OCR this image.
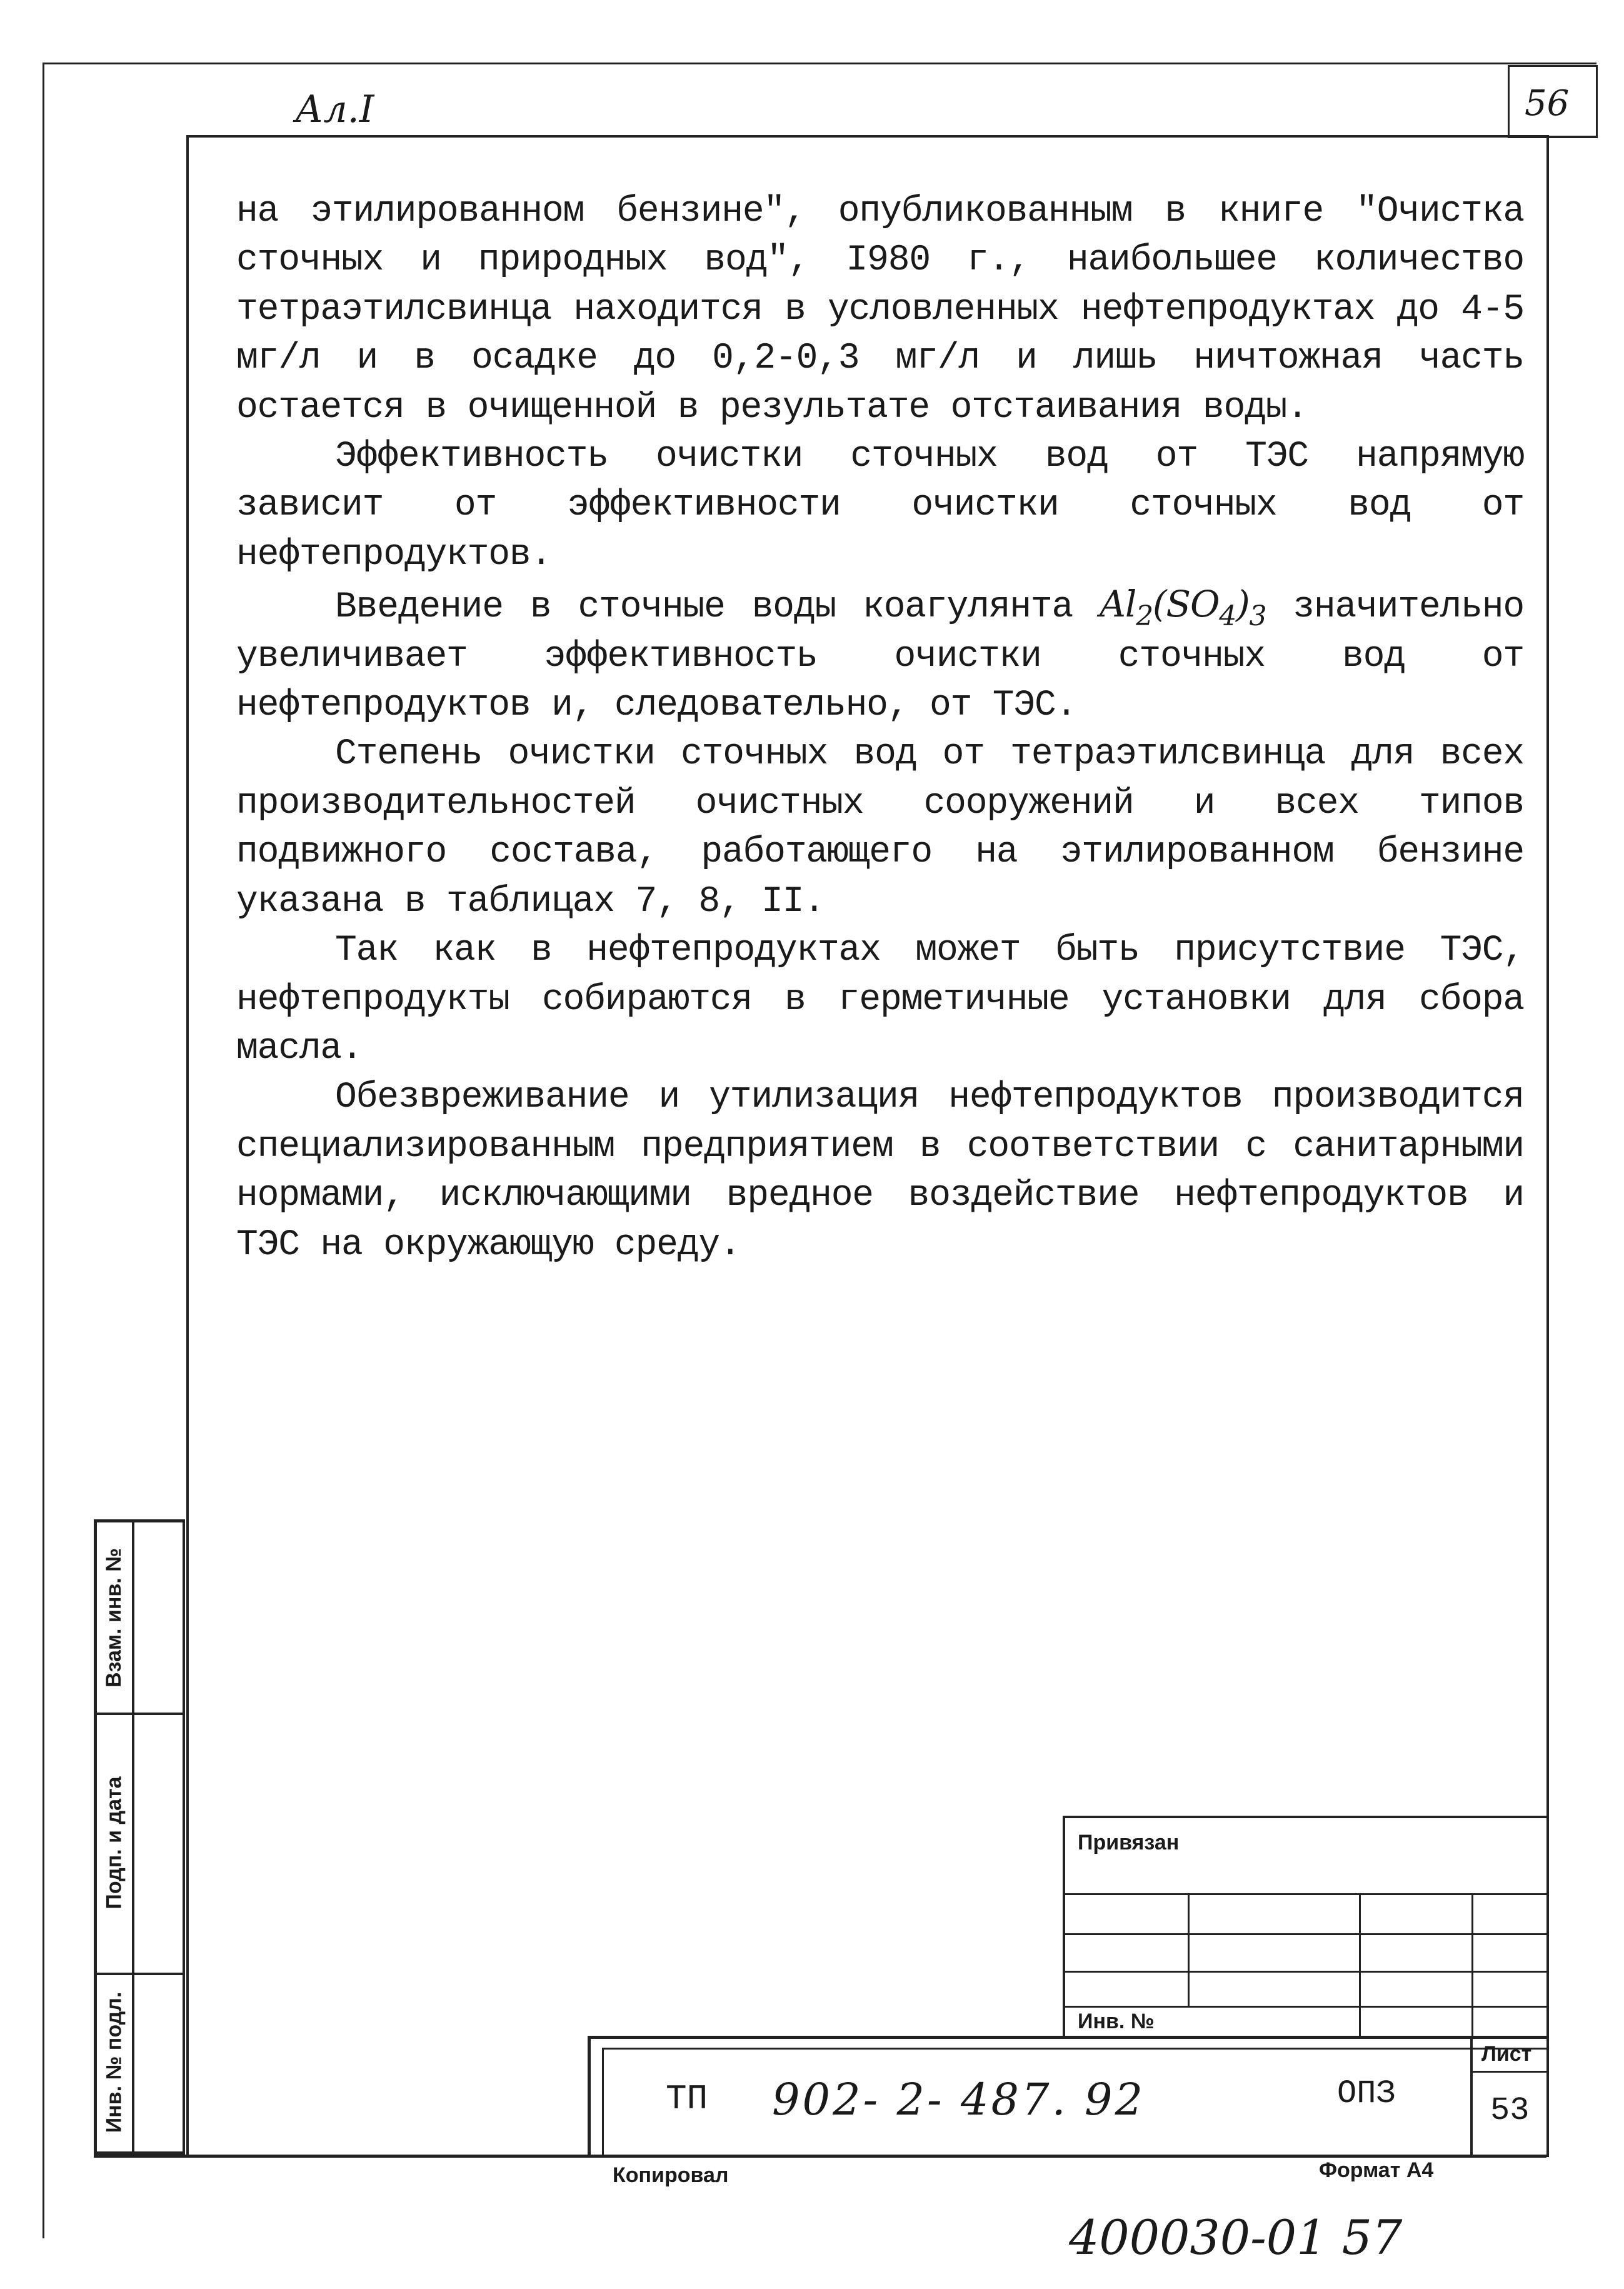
Ал.I	56

на этилированном бензине", опубликованным в книге "Очистка сточных и природных вод", I980 г., наибольшее количество тетраэтилсвинца находится в условленных нефтепродуктах до 4-5 мг/л и в осадке до 0,2-0,3 мг/л и лишь ничтожная часть остается в очищенной в результате отстаивания воды.

Эффективность очистки сточных вод от ТЭС напрямую зависит от эффективности очистки сточных вод от нефтепродуктов.

Введение в сточные воды коагулянта $Al_2(SO_4)_3$ значительно увеличивает эффективность очистки сточных вод от нефтепродуктов и, следовательно, от ТЭС.

Степень очистки сточных вод от тетраэтилсвинца для всех производительностей очистных сооружений и всех типов подвижного состава, работающего на этилированном бензине указана в таблицах 7, 8, II.

Так как в нефтепродуктах может быть присутствие ТЭС, нефтепродукты собираются в герметичные установки для сбора масла.

Обезвреживание и утилизация нефтепродуктов производится специализированным предприятием в соответствии с санитарными нормами, исключающими вредное воздействие нефтепродуктов и ТЭС на окружающую среду.

Взам. инв. №
Подп. и дата
Инв. № подл.
Привязан
Инв. №
ТП 902- 2- 487. 92	ОПЗ
Лист
53
Копировал	Формат А4
400030-01 57
